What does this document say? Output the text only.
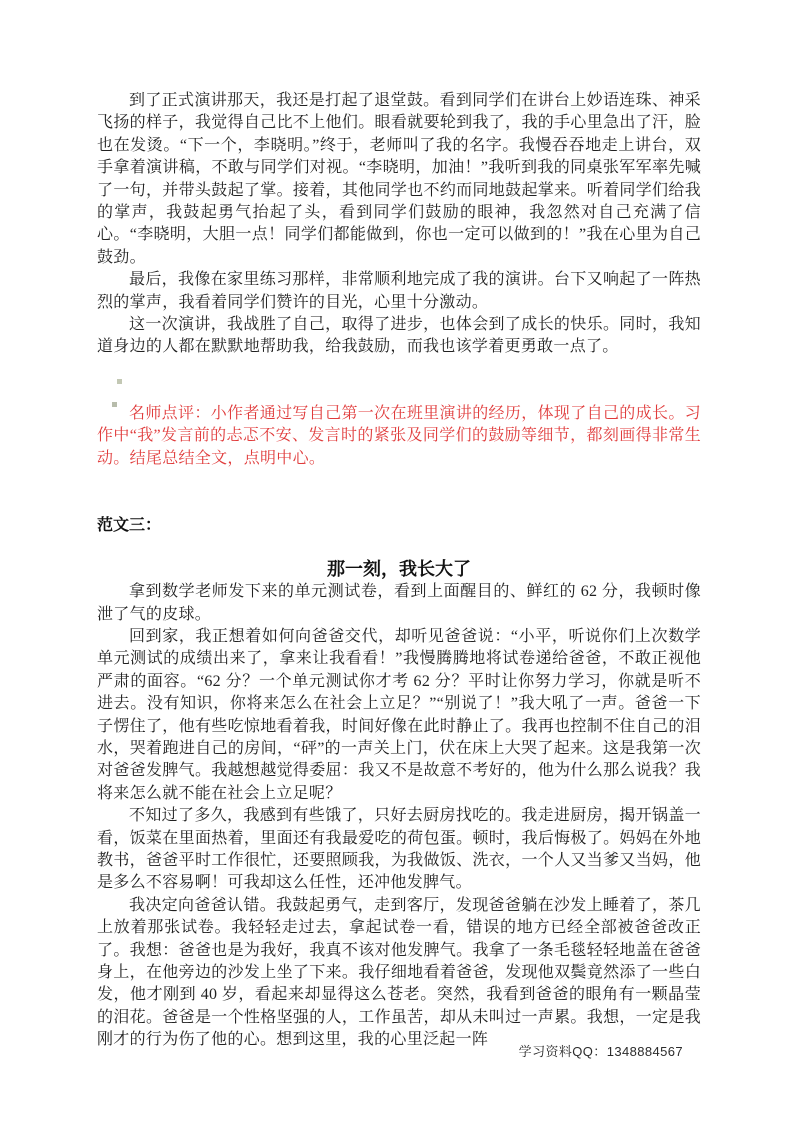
到了正式演讲那天，我还是打起了退堂鼓。看到同学们在讲台上妙语连珠、神采飞扬的样子，我觉得自己比不上他们。眼看就要轮到我了，我的手心里急出了汗，脸也在发烫。“下一个，李晓明。”终于，老师叫了我的名字。我慢吞吞地走上讲台，双手拿着演讲稿，不敢与同学们对视。“李晓明，加油！”我听到我的同桌张军军率先喊了一句，并带头鼓起了掌。接着，其他同学也不约而同地鼓起掌来。听着同学们给我的掌声，我鼓起勇气抬起了头，看到同学们鼓励的眼神，我忽然对自己充满了信心。“李晓明，大胆一点！同学们都能做到，你也一定可以做到的！”我在心里为自己鼓劲。

最后，我像在家里练习那样，非常顺利地完成了我的演讲。台下又响起了一阵热烈的掌声，我看着同学们赞许的目光，心里十分激动。

这一次演讲，我战胜了自己，取得了进步，也体会到了成长的快乐。同时，我知道身边的人都在默默地帮助我，给我鼓励，而我也该学着更勇敢一点了。

名师点评：小作者通过写自己第一次在班里演讲的经历，体现了自己的成长。习作中“我”发言前的忐忑不安、发言时的紧张及同学们的鼓励等细节，都刻画得非常生动。结尾总结全文，点明中心。

范文三：

那一刻，我长大了

拿到数学老师发下来的单元测试卷，看到上面醒目的、鲜红的 62 分，我顿时像泄了气的皮球。

回到家，我正想着如何向爸爸交代，却听见爸爸说：“小平，听说你们上次数学单元测试的成绩出来了，拿来让我看看！”我慢腾腾地将试卷递给爸爸，不敢正视他严肃的面容。“62 分？一个单元测试你才考 62 分？平时让你努力学习，你就是听不进去。没有知识，你将来怎么在社会上立足？”“别说了！”我大吼了一声。爸爸一下子愣住了，他有些吃惊地看着我，时间好像在此时静止了。我再也控制不住自己的泪水，哭着跑进自己的房间，“砰”的一声关上门，伏在床上大哭了起来。这是我第一次对爸爸发脾气。我越想越觉得委屈：我又不是故意不考好的，他为什么那么说我？我将来怎么就不能在社会上立足呢？

不知过了多久，我感到有些饿了，只好去厨房找吃的。我走进厨房，揭开锅盖一看，饭菜在里面热着，里面还有我最爱吃的荷包蛋。顿时，我后悔极了。妈妈在外地教书，爸爸平时工作很忙，还要照顾我，为我做饭、洗衣，一个人又当爹又当妈，他是多么不容易啊！可我却这么任性，还冲他发脾气。

我决定向爸爸认错。我鼓起勇气，走到客厅，发现爸爸躺在沙发上睡着了，茶几上放着那张试卷。我轻轻走过去，拿起试卷一看，错误的地方已经全部被爸爸改正了。我想：爸爸也是为我好，我真不该对他发脾气。我拿了一条毛毯轻轻地盖在爸爸身上，在他旁边的沙发上坐了下来。我仔细地看着爸爸，发现他双鬓竟然添了一些白发，他才刚到 40 岁，看起来却显得这么苍老。突然，我看到爸爸的眼角有一颗晶莹的泪花。爸爸是一个性格坚强的人，工作虽苦，却从未叫过一声累。我想，一定是我刚才的行为伤了他的心。想到这里，我的心里泛起一阵

学习资料QQ：1348884567
